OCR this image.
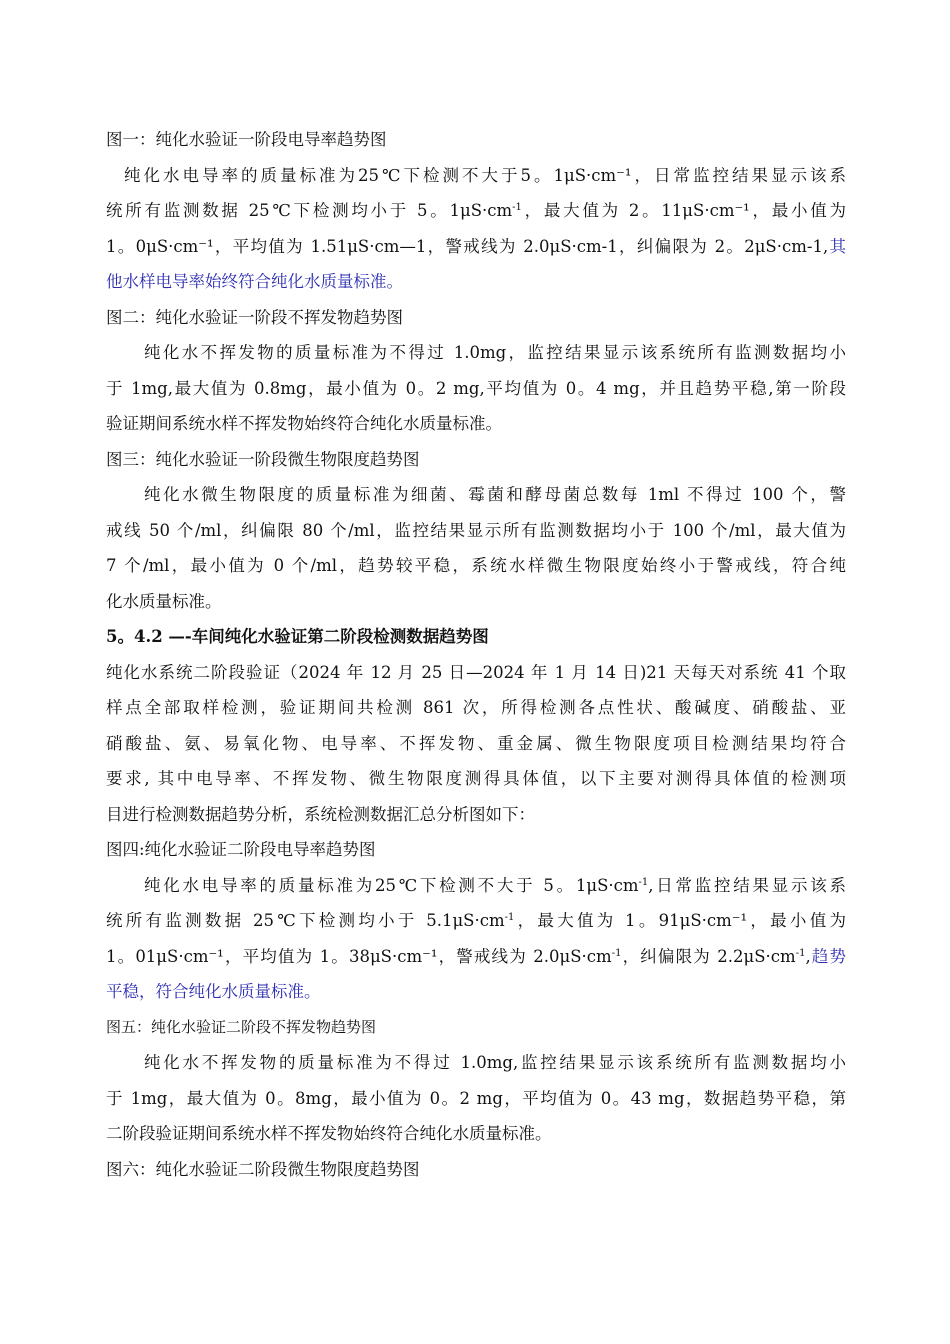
图一：纯化水验证一阶段电导率趋势图
纯化水电导率的质量标准为25℃下检测不大于5。1μS·cm⁻¹，日常监控结果显示该系
统所有监测数据 25℃下检测均小于 5。$1\mu S\cdot cm^{-1}$，最大值为 2。11μS·cm⁻¹，最小值为
1。0μS·cm⁻¹，平均值为 1.51μS·cm—1，警戒线为 2.0μS·cm-1，纠偏限为 2。2μS·cm-1,其
他水样电导率始终符合纯化水质量标准。
图二：纯化水验证一阶段不挥发物趋势图
纯化水不挥发物的质量标准为不得过 1.0mg，监控结果显示该系统所有监测数据均小
于 1mg,最大值为 0.8mg，最小值为 0。2 mg,平均值为 0。4 mg，并且趋势平稳,第一阶段
验证期间系统水样不挥发物始终符合纯化水质量标准。
图三：纯化水验证一阶段微生物限度趋势图
纯化水微生物限度的质量标准为细菌、霉菌和酵母菌总数每 1ml 不得过 100 个，警
戒线 50 个/ml，纠偏限 80 个/ml，监控结果显示所有监测数据均小于 100 个/ml，最大值为
7 个/ml，最小值为 0 个/ml，趋势较平稳，系统水样微生物限度始终小于警戒线，符合纯
化水质量标准。
5。4.2 —-车间纯化水验证第二阶段检测数据趋势图
纯化水系统二阶段验证（2024 年 12 月 25 日—2024 年 1 月 14 日)21 天每天对系统 41 个取
样点全部取样检测，验证期间共检测 861 次，所得检测各点性状、酸碱度、硝酸盐、亚
硝酸盐、氨、易氧化物、电导率、不挥发物、重金属、微生物限度项目检测结果均符合
要求, 其中电导率、不挥发物、微生物限度测得具体值，以下主要对测得具体值的检测项
目进行检测数据趋势分析，系统检测数据汇总分析图如下：
图四:纯化水验证二阶段电导率趋势图
纯化水电导率的质量标准为25℃下检测不大于 5。$1\mu S\cdot cm^{-1}$,日常监控结果显示该系
统所有监测数据 25℃下检测均小于 $5.1\mu S\cdot cm^{-1}$，最大值为 1。91μS·cm⁻¹，最小值为
1。01μS·cm⁻¹，平均值为 1。38μS·cm⁻¹，警戒线为 $2.0\mu S\cdot cm^{-1}$，纠偏限为 $2.2\mu S\cdot cm^{-1}$,趋势
平稳，符合纯化水质量标准。
图五：纯化水验证二阶段不挥发物趋势图
纯化水不挥发物的质量标准为不得过 1.0mg,监控结果显示该系统所有监测数据均小
于 1mg，最大值为 0。8mg，最小值为 0。2 mg，平均值为 0。43 mg，数据趋势平稳，第
二阶段验证期间系统水样不挥发物始终符合纯化水质量标准。
图六：纯化水验证二阶段微生物限度趋势图
